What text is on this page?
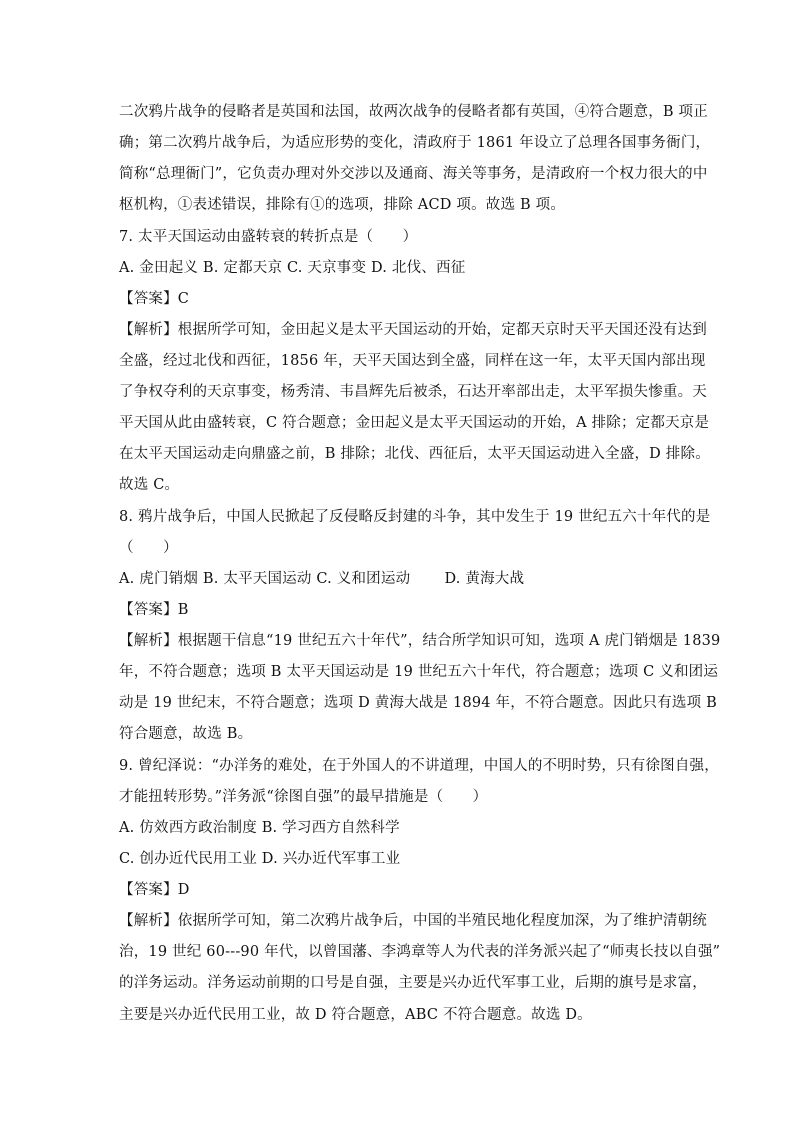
二次鸦片战争的侵略者是英国和法国，故两次战争的侵略者都有英国，④符合题意，B 项正
确；第二次鸦片战争后，为适应形势的变化，清政府于 1861 年设立了总理各国事务衙门，
简称“总理衙门”，它负责办理对外交涉以及通商、海关等事务，是清政府一个权力很大的中
枢机构，①表述错误，排除有①的选项，排除 ACD 项。故选 B 项。
7. 太平天国运动由盛转衰的转折点是（　　）
A. 金田起义 B. 定都天京 C. 天京事变 D. 北伐、西征
【答案】C
【解析】根据所学可知，金田起义是太平天国运动的开始，定都天京时天平天国还没有达到
全盛，经过北伐和西征，1856 年，天平天国达到全盛，同样在这一年，太平天国内部出现
了争权夺利的天京事变，杨秀清、韦昌辉先后被杀，石达开率部出走，太平军损失惨重。天
平天国从此由盛转衰，C 符合题意；金田起义是太平天国运动的开始，A 排除；定都天京是
在太平天国运动走向鼎盛之前，B 排除；北伐、西征后，太平天国运动进入全盛，D 排除。
故选 C。
8. 鸦片战争后，中国人民掀起了反侵略反封建的斗争，其中发生于 19 世纪五六十年代的是
（　　）
A. 虎门销烟 B. 太平天国运动 C. 义和团运动　　 D. 黄海大战
【答案】B
【解析】根据题干信息“19 世纪五六十年代”，结合所学知识可知，选项 A 虎门销烟是 1839
年，不符合题意；选项 B 太平天国运动是 19 世纪五六十年代，符合题意；选项 C 义和团运
动是 19 世纪末，不符合题意；选项 D 黄海大战是 1894 年，不符合题意。因此只有选项 B
符合题意，故选 B。
9. 曾纪泽说：“办洋务的难处，在于外国人的不讲道理，中国人的不明时势，只有徐图自强，
才能扭转形势。”洋务派“徐图自强”的最早措施是（　　）
A. 仿效西方政治制度 B. 学习西方自然科学
C. 创办近代民用工业 D. 兴办近代军事工业
【答案】D
【解析】依据所学可知，第二次鸦片战争后，中国的半殖民地化程度加深，为了维护清朝统
治，19 世纪 60---90 年代，以曾国藩、李鸿章等人为代表的洋务派兴起了“师夷长技以自强”
的洋务运动。洋务运动前期的口号是自强，主要是兴办近代军事工业，后期的旗号是求富，
主要是兴办近代民用工业，故 D 符合题意，ABC 不符合题意。故选 D。
